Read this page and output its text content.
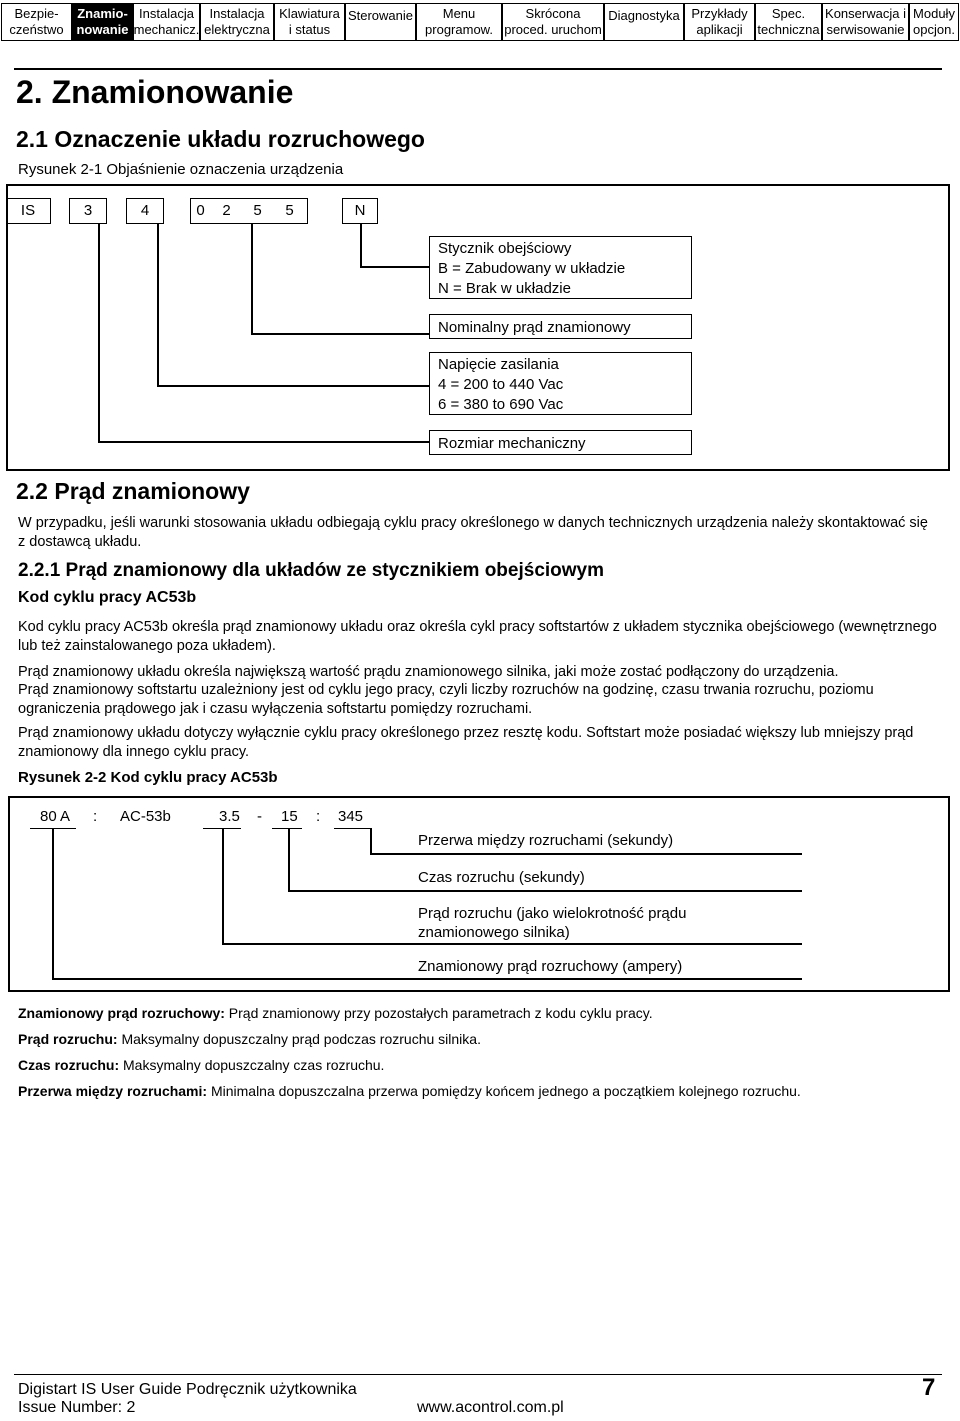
Bezpie-
czeństwo
Znamio-
nowanie
Instalacja
mechanicz.
Instalacja
elektryczna
Klawiatura
i status
Sterowanie Menu
programow.
Skrócona
proced. uruchom
Diagnostyka Przykłady
aplikacji
Spec.
techniczna
Konserwacja i
serwisowanie
Moduły
opcjon.
2. Znamionowanie
2.1 Oznaczenie układu rozruchowego
Rysunek 2-1 Objaśnienie oznaczenia urządzenia
IS	3	4	0	2	5	5	N
Stycznik obejściowy
B = Zabudowany w układzie
N = Brak w układzie
Nominalny prąd znamionowy
Napięcie zasilania
4 = 200 to 440 Vac
6 = 380 to 690 Vac
Rozmiar mechaniczny
2.2 Prąd znamionowy
W przypadku, jeśli warunki stosowania układu odbiegają cyklu pracy określonego w danych technicznych urządzenia należy skontaktować się z dostawcą układu.
2.2.1 Prąd znamionowy dla układów ze stycznikiem obejściowym
Kod cyklu pracy AC53b
Kod cyklu pracy AC53b określa prąd znamionowy układu oraz określa cykl pracy softstartów z układem stycznika obejściowego (wewnętrznego lub też zainstalowanego poza układem).
Prąd znamionowy układu określa największą wartość prądu znamionowego silnika, jaki może zostać podłączony do urządzenia.
Prąd znamionowy softstartu uzależniony jest od cyklu jego pracy, czyli liczby rozruchów na godzinę, czasu trwania rozruchu, poziomu ograniczenia prądowego jak i czasu wyłączenia softstartu pomiędzy rozruchami.
Prąd znamionowy układu dotyczy wyłącznie cyklu pracy określonego przez resztę kodu. Softstart może posiadać większy lub mniejszy prąd znamionowy dla innego cyklu pracy.
Rysunek 2-2 Kod cyklu pracy AC53b
80 A : AC-53b	3.5 - 15 : 345
Przerwa między rozruchami (sekundy)
Czas rozruchu (sekundy)
Prąd rozruchu (jako wielokrotność prądu
znamionowego silnika)
Znamionowy prąd rozruchowy (ampery)
Znamionowy prąd rozruchowy: Prąd znamionowy przy pozostałych parametrach z kodu cyklu pracy.
Prąd rozruchu: Maksymalny dopuszczalny prąd podczas rozruchu silnika.
Czas rozruchu: Maksymalny dopuszczalny czas rozruchu.
Przerwa między rozruchami: Minimalna dopuszczalna przerwa pomiędzy końcem jednego a początkiem kolejnego rozruchu.
Digistart IS User Guide Podręcznik użytkownika
Issue Number: 2	www.acontrol.com.pl
7
